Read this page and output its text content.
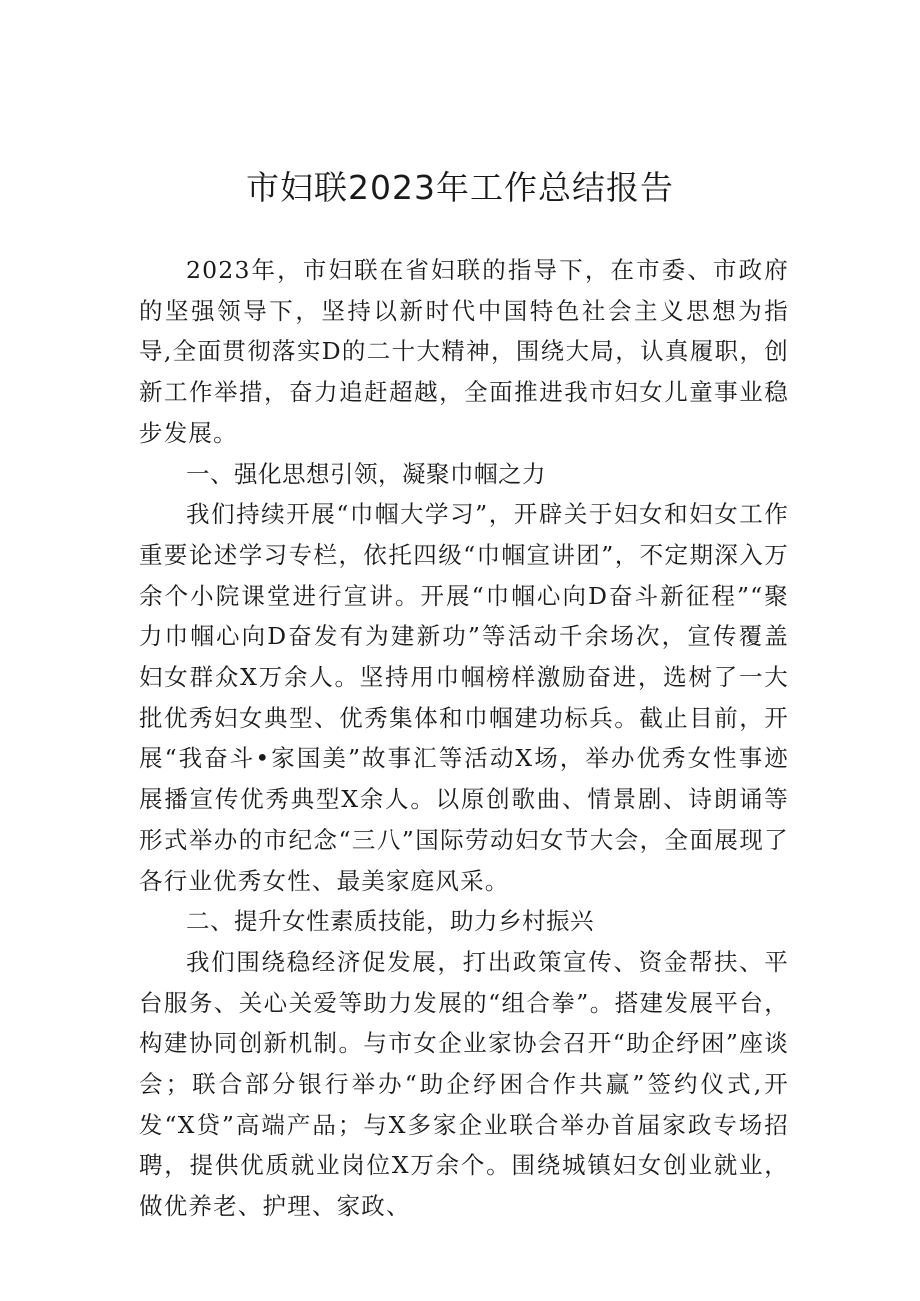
市妇联2023年工作总结报告

2023年，市妇联在省妇联的指导下，在市委、市政府的坚强领导下，坚持以新时代中国特色社会主义思想为指导,全面贯彻落实D的二十大精神，围绕大局，认真履职，创新工作举措，奋力追赶超越，全面推进我市妇女儿童事业稳步发展。

一、强化思想引领，凝聚巾帼之力

我们持续开展“巾帼大学习”，开辟关于妇女和妇女工作重要论述学习专栏，依托四级“巾帼宣讲团”，不定期深入万余个小院课堂进行宣讲。开展“巾帼心向D奋斗新征程”“聚力巾帼心向D奋发有为建新功”等活动千余场次，宣传覆盖妇女群众X万余人。坚持用巾帼榜样激励奋进，选树了一大批优秀妇女典型、优秀集体和巾帼建功标兵。截止目前，开展“我奋斗•家国美”故事汇等活动X场，举办优秀女性事迹展播宣传优秀典型X余人。以原创歌曲、情景剧、诗朗诵等形式举办的市纪念“三八”国际劳动妇女节大会，全面展现了各行业优秀女性、最美家庭风采。

二、提升女性素质技能，助力乡村振兴

我们围绕稳经济促发展，打出政策宣传、资金帮扶、平台服务、关心关爱等助力发展的“组合拳”。搭建发展平台，构建协同创新机制。与市女企业家协会召开“助企纾困”座谈会；联合部分银行举办“助企纾困合作共赢”签约仪式,开发“X贷”高端产品；与X多家企业联合举办首届家政专场招聘，提供优质就业岗位X万余个。围绕城镇妇女创业就业，做优养老、护理、家政、
